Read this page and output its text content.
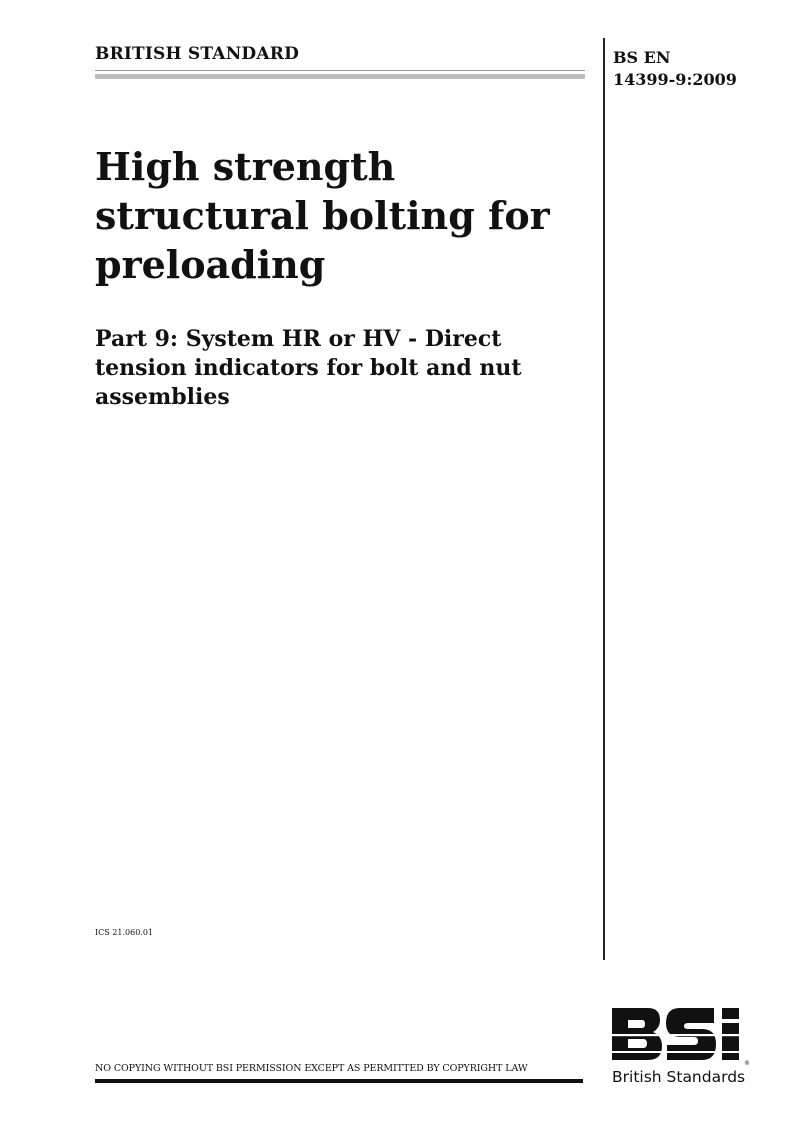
BRITISH STANDARD	BS EN
14399-9:2009
High strength
structural bolting for
preloading
Part 9: System HR or HV - Direct
tension indicators for bolt and nut
assemblies
ICS 21.060.01
NO COPYING WITHOUT BSI PERMISSION EXCEPT AS PERMITTED BY COPYRIGHT LAW	®
British Standards
